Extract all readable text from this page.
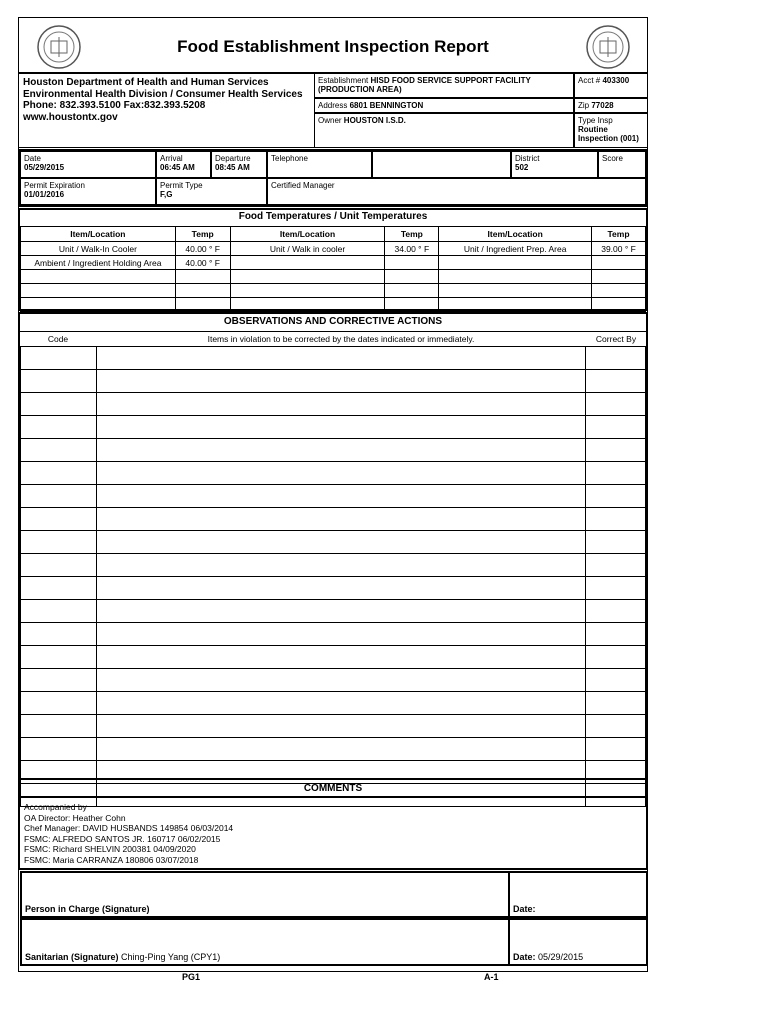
Food Establishment Inspection Report
Houston Department of Health and Human Services
Environmental Health Division / Consumer Health Services
Phone: 832.393.5100 Fax:832.393.5208
www.houstontx.gov
Establishment HISD FOOD SERVICE SUPPORT FACILITY
(PRODUCTION AREA)
Acct # 403300
Address 6801 BENNINGTON	Zip 77028
Owner HOUSTON I.S.D.	Type Insp
Routine
Inspection (001)
Date
05/29/2015
Arrival
06:45 AM
Departure
08:45 AM
Telephone	District
502
Score
Permit Expiration
01/01/2016
Permit Type
F,G
Certified Manager
Food Temperatures / Unit Temperatures
Item/Location	Temp	Item/Location	Temp	Item/Location	Temp
Unit / Walk-In Cooler	40.00 ° F	Unit / Walk in cooler	34.00 ° F	Unit / Ingredient Prep. Area	39.00 ° F
Ambient / Ingredient Holding Area	40.00 ° F				

OBSERVATIONS AND CORRECTIVE ACTIONS
Code	Items in violation to be corrected by the dates indicated or immediately.	Correct By

COMMENTS
Accompanied by
OA Director: Heather Cohn
Chef Manager: DAVID HUSBANDS 149854 06/03/2014
FSMC: ALFREDO SANTOS JR. 160717 06/02/2015
FSMC: Richard SHELVIN 200381 04/09/2020
FSMC: Maria CARRANZA 180806 03/07/2018
Person in Charge (Signature)	Date:
Sanitarian (Signature) Ching-Ping Yang (CPY1)	Date: 05/29/2015
PG1	A-1
